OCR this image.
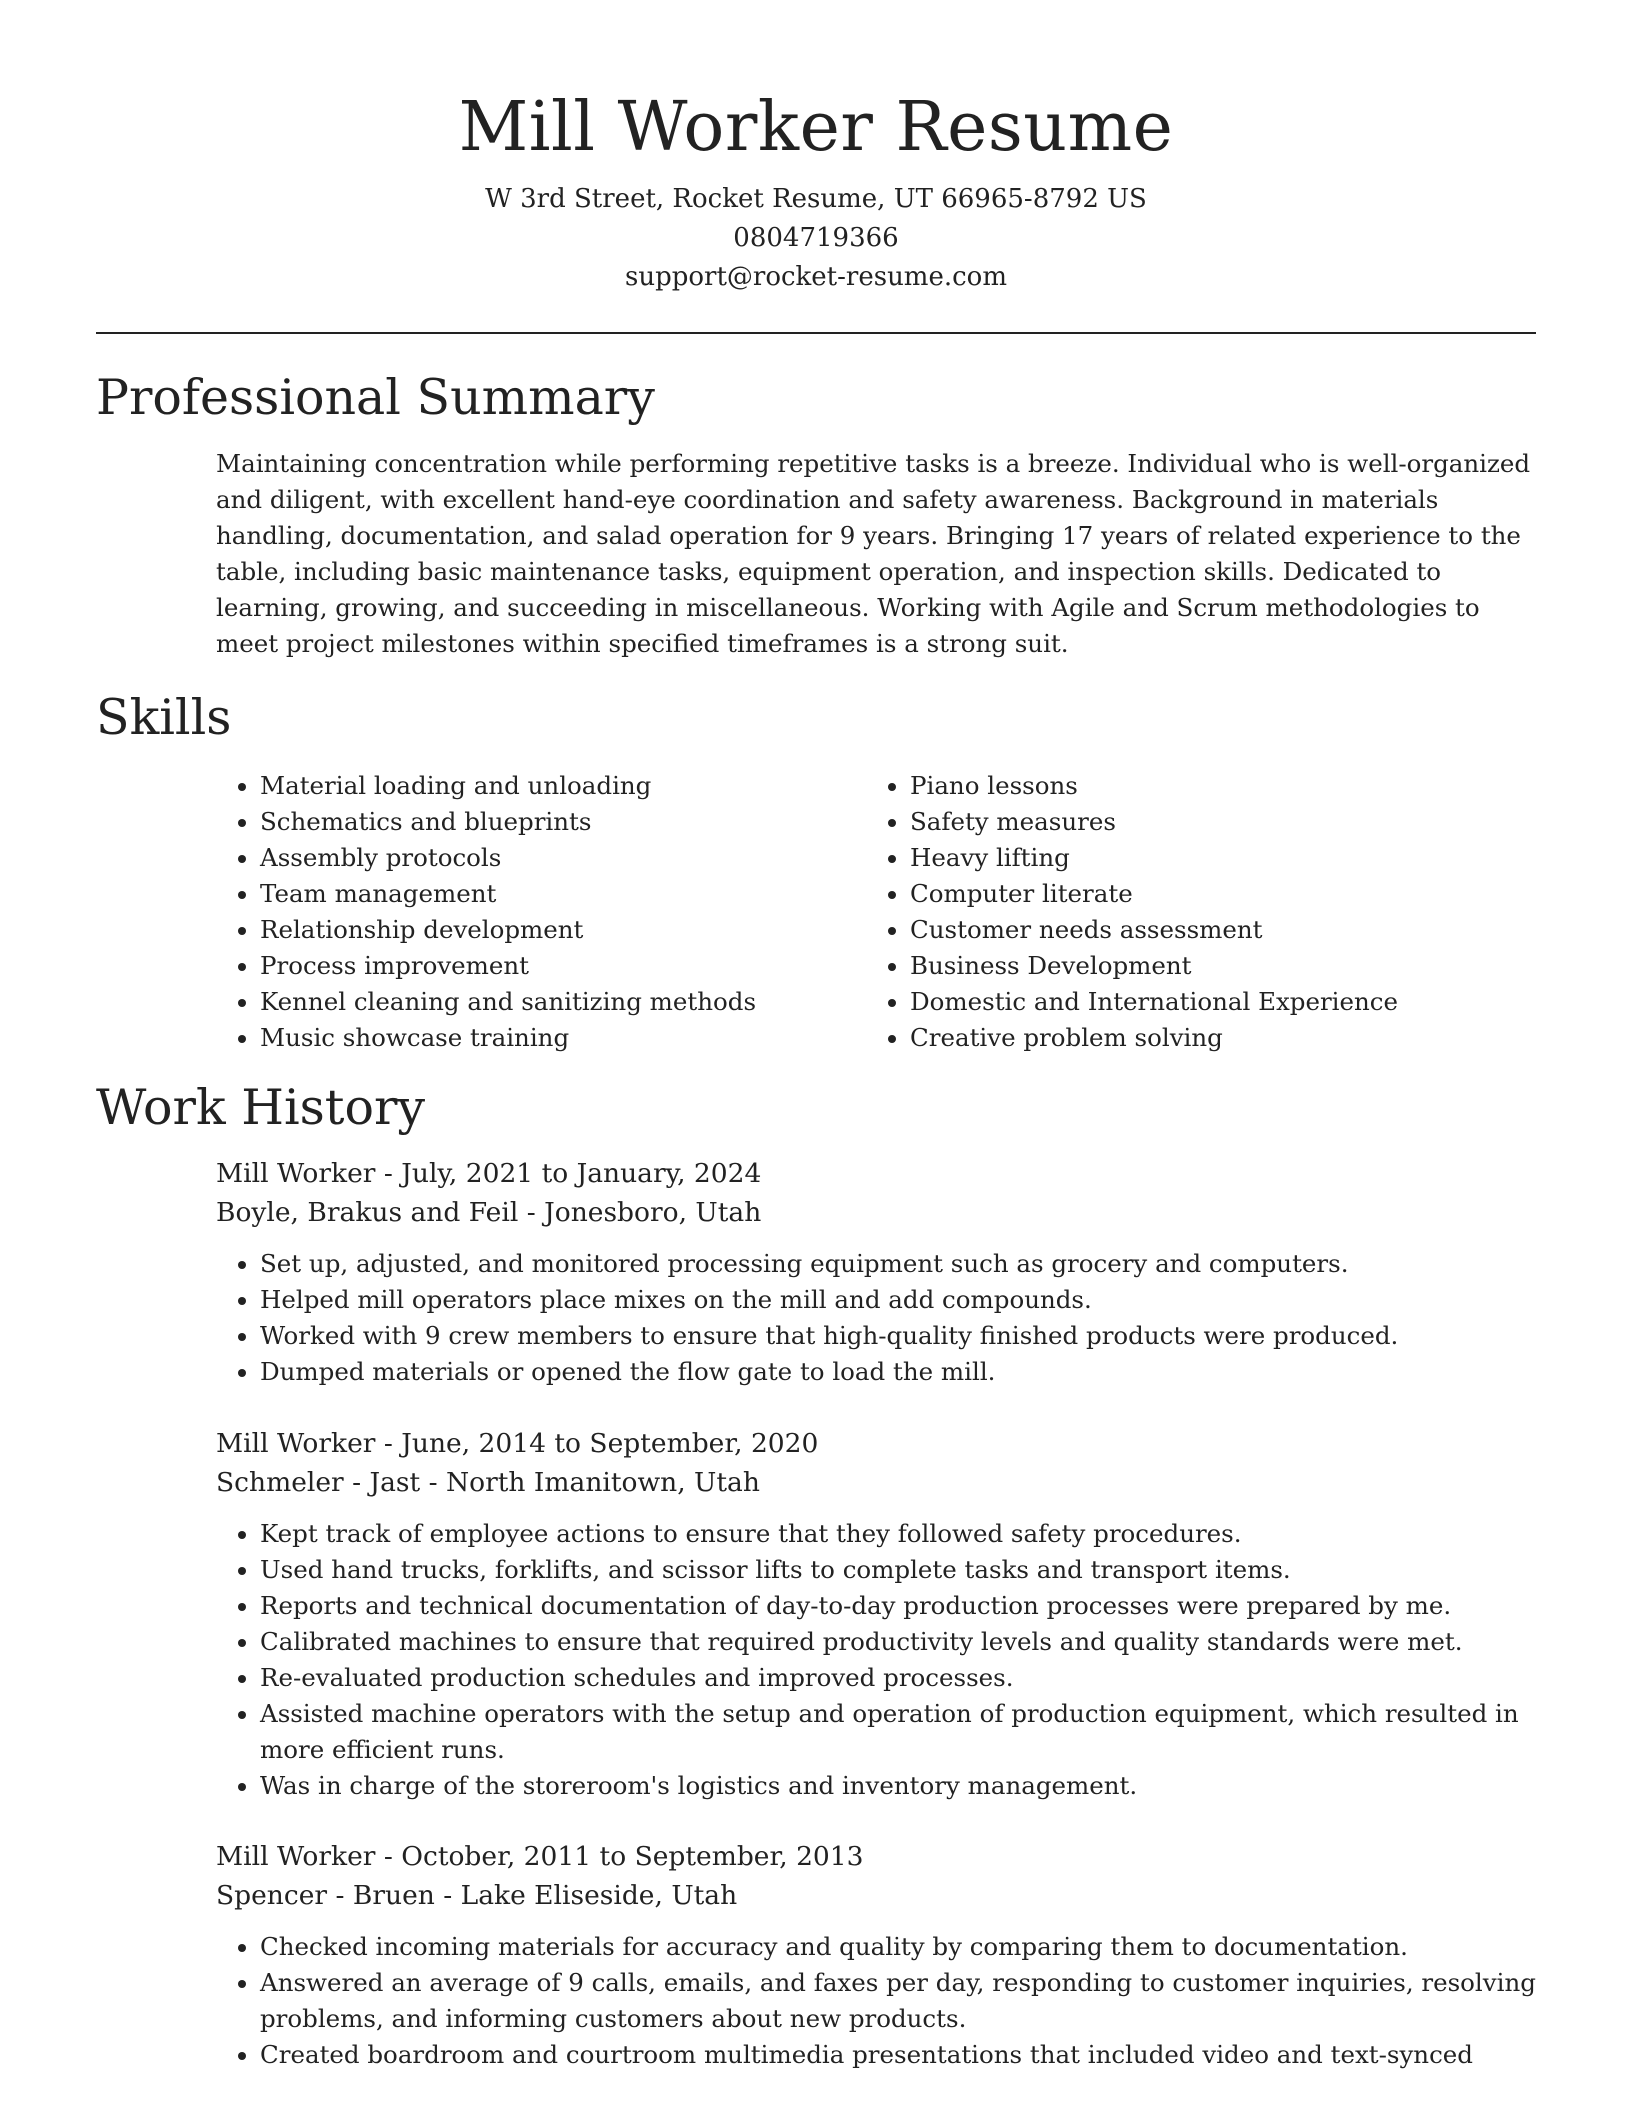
Mill Worker Resume
W 3rd Street, Rocket Resume, UT 66965-8792 US
0804719366
support@rocket-resume.com
Professional Summary
Maintaining concentration while performing repetitive tasks is a breeze. Individual who is well-organized and diligent, with excellent hand-eye coordination and safety awareness. Background in materials handling, documentation, and salad operation for 9 years. Bringing 17 years of related experience to the table, including basic maintenance tasks, equipment operation, and inspection skills. Dedicated to learning, growing, and succeeding in miscellaneous. Working with Agile and Scrum methodologies to meet project milestones within specified timeframes is a strong suit.
Skills
• Material loading and unloading
• Schematics and blueprints
• Assembly protocols
• Team management
• Relationship development
• Process improvement
• Kennel cleaning and sanitizing methods
• Music showcase training
• Piano lessons
• Safety measures
• Heavy lifting
• Computer literate
• Customer needs assessment
• Business Development
• Domestic and International Experience
• Creative problem solving
Work History
Mill Worker - July, 2021 to January, 2024
Boyle, Brakus and Feil - Jonesboro, Utah
• Set up, adjusted, and monitored processing equipment such as grocery and computers.
• Helped mill operators place mixes on the mill and add compounds.
• Worked with 9 crew members to ensure that high-quality finished products were produced.
• Dumped materials or opened the flow gate to load the mill.
Mill Worker - June, 2014 to September, 2020
Schmeler - Jast - North Imanitown, Utah
• Kept track of employee actions to ensure that they followed safety procedures.
• Used hand trucks, forklifts, and scissor lifts to complete tasks and transport items.
• Reports and technical documentation of day-to-day production processes were prepared by me.
• Calibrated machines to ensure that required productivity levels and quality standards were met.
• Re-evaluated production schedules and improved processes.
• Assisted machine operators with the setup and operation of production equipment, which resulted in more efficient runs.
• Was in charge of the storeroom's logistics and inventory management.
Mill Worker - October, 2011 to September, 2013
Spencer - Bruen - Lake Eliseside, Utah
• Checked incoming materials for accuracy and quality by comparing them to documentation.
• Answered an average of 9 calls, emails, and faxes per day, responding to customer inquiries, resolving problems, and informing customers about new products.
• Created boardroom and courtroom multimedia presentations that included video and text-synced
